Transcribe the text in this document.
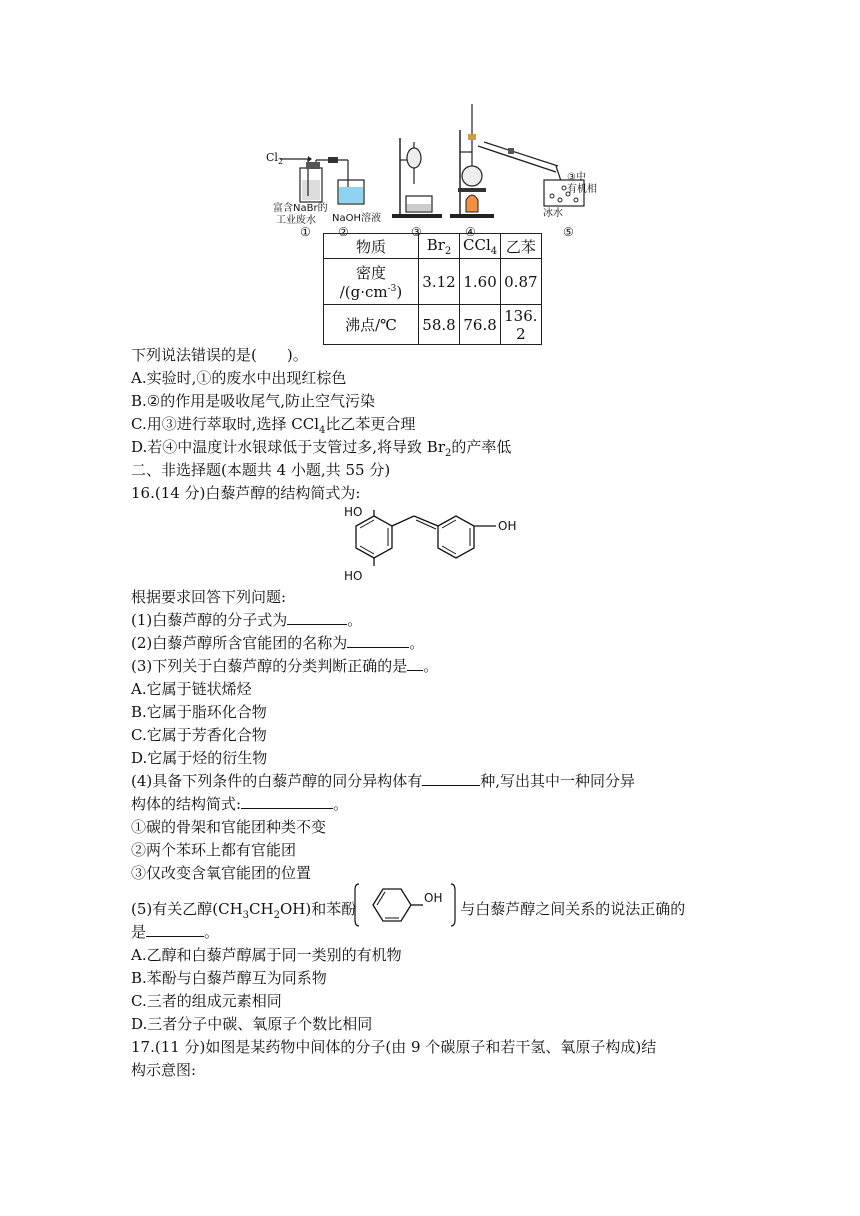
$Cl_2$
富含NaBr的
工业废水 NaOH溶液
③中
有机相
冰水
① ②	③	④	⑤
物质	$Br_2$	CCl$_4$	乙苯

密度
$/(g\cdot cm^{-3})$	3.12	1.60	0.87
沸点/℃	58.8	76.8	136.
2
下列说法错误的是(　　)。
A.实验时,①的废水中出现红棕色
B.②的作用是吸收尾气,防止空气污染
C.用③进行萃取时,选择 CCl$_4$比乙苯更合理
D.若④中温度计水银球低于支管过多,将导致 $Br_2$的产率低
二、非选择题(本题共 4 小题,共 55 分)
16.(14 分)白藜芦醇的结构简式为:
HO
HO
OH
根据要求回答下列问题:
(1)白藜芦醇的分子式为	。
(2)白藜芦醇所含官能团的名称为	。
(3)下列关于白藜芦醇的分类判断正确的是 。
A.它属于链状烯烃
B.它属于脂环化合物
C.它属于芳香化合物
D.它属于烃的衍生物
(4)具备下列条件的白藜芦醇的同分异构体有	种,写出其中一种同分异
构体的结构简式:	。
①碳的骨架和官能团种类不变
②两个苯环上都有官能团
③仅改变含氧官能团的位置
(5)有关乙醇$(CH_3CH_2OH)$和苯酚	与白藜芦醇之间关系的说法正确的
OH
是	。
A.乙醇和白藜芦醇属于同一类别的有机物
B.苯酚与白藜芦醇互为同系物
C.三者的组成元素相同
D.三者分子中碳、氧原子个数比相同
17.(11 分)如图是某药物中间体的分子(由 9 个碳原子和若干氢、氧原子构成)结
构示意图:
